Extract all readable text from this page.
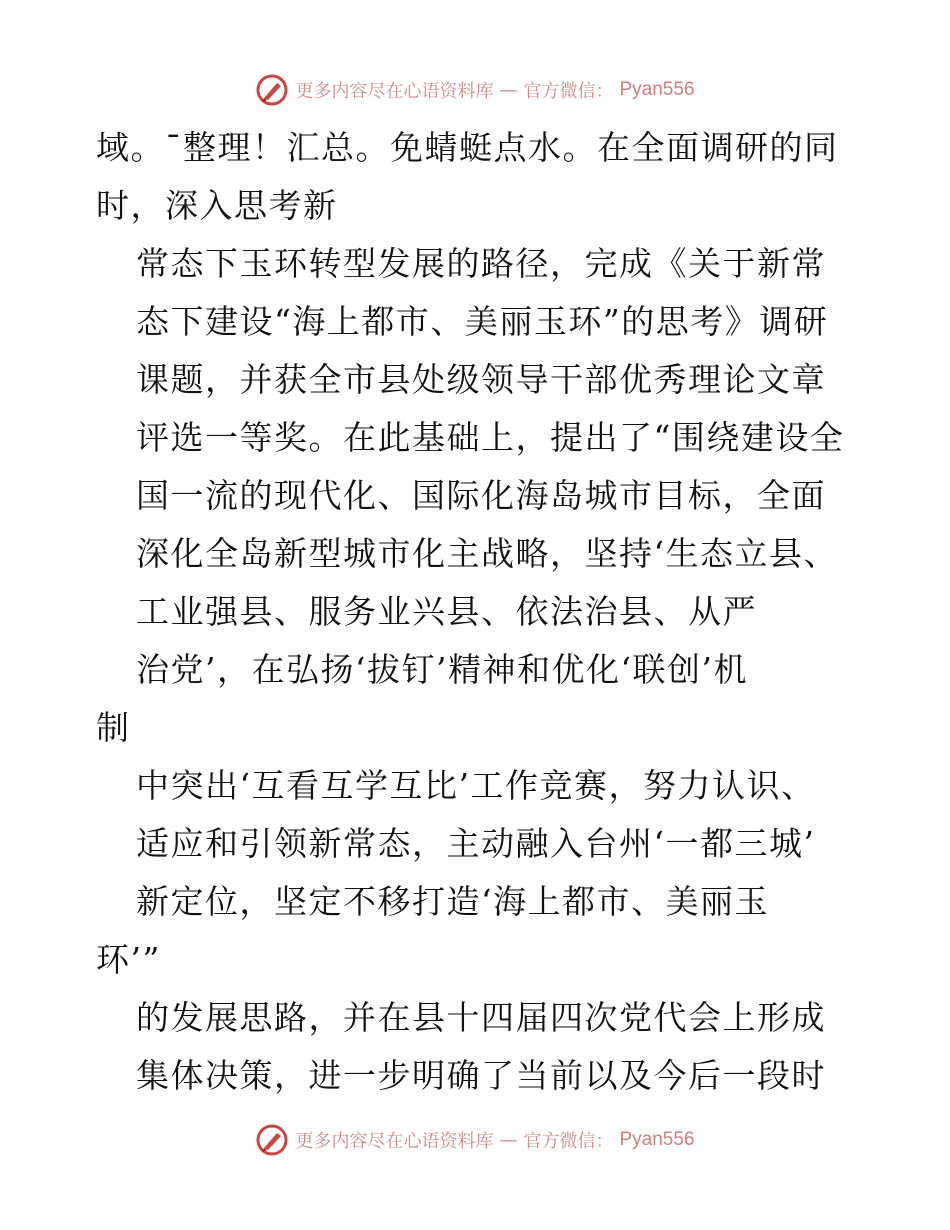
更多内容尽在心语资料库 — 官方微信： Pyan556
域。¯整理！汇总。免蜻蜓点水。在全面调研的同
时，深入思考新
常态下玉环转型发展的路径，完成《关于新常
态下建设“海上都市、美丽玉环”的思考》调研
课题，并获全市县处级领导干部优秀理论文章
评选一等奖。在此基础上，提出了“围绕建设全
国一流的现代化、国际化海岛城市目标，全面
深化全岛新型城市化主战略，坚持‘生态立县、
工业强县、服务业兴县、依法治县、从严
治党’，在弘扬‘拔钉’精神和优化‘联创’机
制
中突出‘互看互学互比’工作竞赛，努力认识、
适应和引领新常态，主动融入台州‘一都三城’
新定位，坚定不移打造‘海上都市、美丽玉
环’”
的发展思路，并在县十四届四次党代会上形成
集体决策，进一步明确了当前以及今后一段时
更多内容尽在心语资料库 — 官方微信： Pyan556
